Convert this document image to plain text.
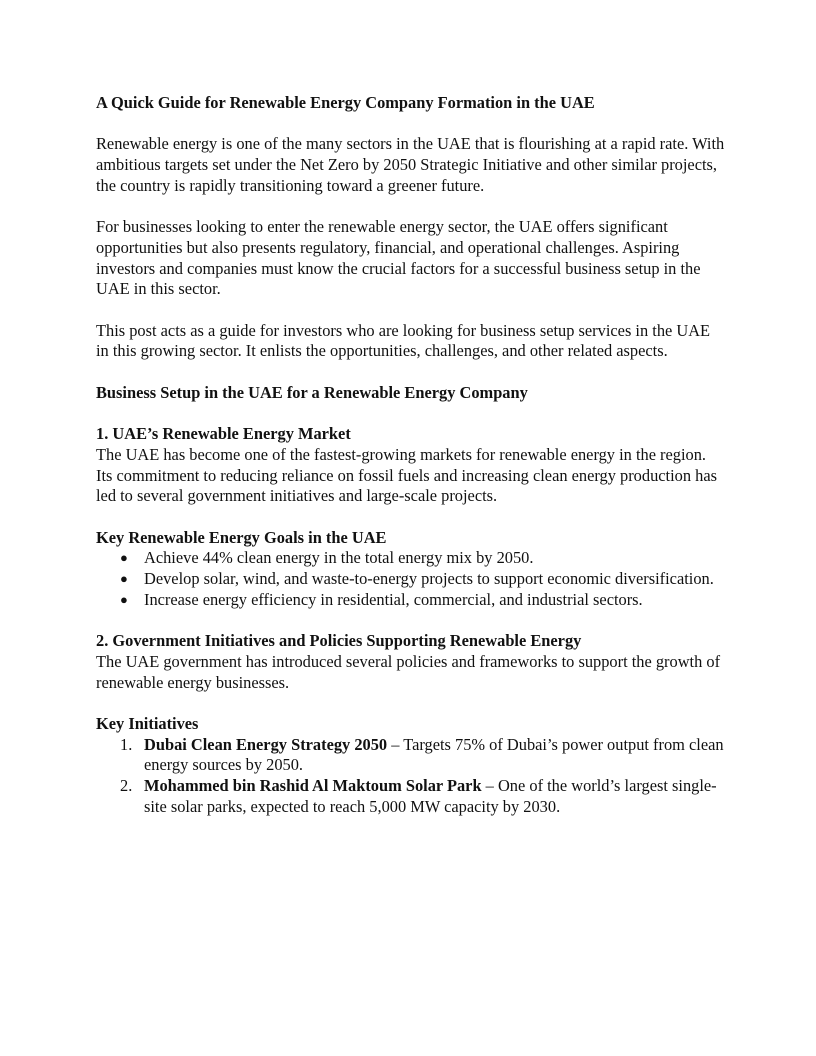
A Quick Guide for Renewable Energy Company Formation in the UAE

Renewable energy is one of the many sectors in the UAE that is flourishing at a rapid rate. With ambitious targets set under the Net Zero by 2050 Strategic Initiative and other similar projects, the country is rapidly transitioning toward a greener future.

For businesses looking to enter the renewable energy sector, the UAE offers significant opportunities but also presents regulatory, financial, and operational challenges. Aspiring investors and companies must know the crucial factors for a successful business setup in the UAE in this sector.

This post acts as a guide for investors who are looking for business setup services in the UAE in this growing sector. It enlists the opportunities, challenges, and other related aspects.

Business Setup in the UAE for a Renewable Energy Company

1. UAE’s Renewable Energy Market

The UAE has become one of the fastest-growing markets for renewable energy in the region. Its commitment to reducing reliance on fossil fuels and increasing clean energy production has led to several government initiatives and large-scale projects.

Key Renewable Energy Goals in the UAE

● Achieve 44% clean energy in the total energy mix by 2050.
● Develop solar, wind, and waste-to-energy projects to support economic diversification.
● Increase energy efficiency in residential, commercial, and industrial sectors.

2. Government Initiatives and Policies Supporting Renewable Energy

The UAE government has introduced several policies and frameworks to support the growth of renewable energy businesses.

Key Initiatives

1. Dubai Clean Energy Strategy 2050 – Targets 75% of Dubai’s power output from clean energy sources by 2050.
2. Mohammed bin Rashid Al Maktoum Solar Park – One of the world’s largest single-site solar parks, expected to reach 5,000 MW capacity by 2030.
